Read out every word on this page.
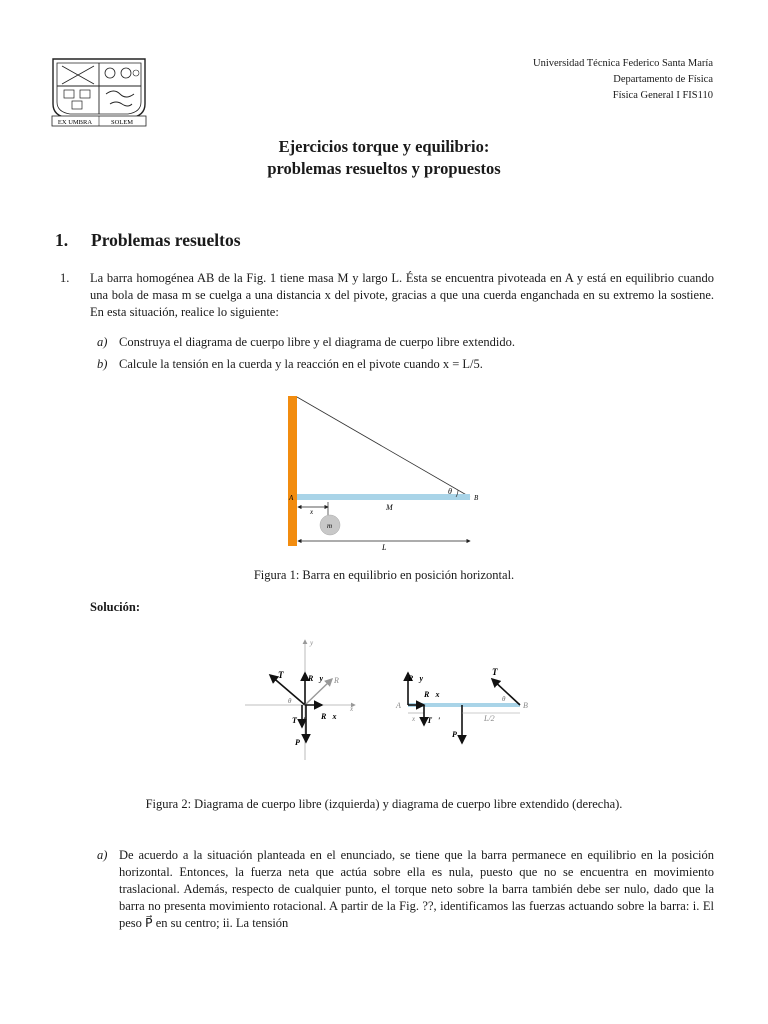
EX UMBRA	SOLEM
Universidad Técnica Federico Santa María
Departamento de Física
Física General I FIS110
Ejercicios torque y equilibrio:
problemas resueltos y propuestos
1. Problemas resueltos
1. La barra homogénea AB de la Fig. 1 tiene masa M y largo L. Ésta se encuentra pivoteada en A y está en equilibrio cuando una bola de masa m se cuelga a una distancia x del pivote, gracias a que una cuerda enganchada en su extremo la sostiene. En esta situación, realice lo siguiente:
a) Construya el diagrama de cuerpo libre y el diagrama de cuerpo libre extendido.
b) Calcule la tensión en la cuerda y la reacción en el pivote cuando x = L/5.
θ
A	B
M
x
m
L
Figura 1: Barra en equilibrio en posición horizontal.
Solución:
y
x
T⃗ R⃗y R⃗
θ
R⃗x
T⃗′
P⃗
R⃗y
R⃗x
A
x T⃗′
P⃗
L/2
B
T⃗
θ
Figura 2: Diagrama de cuerpo libre (izquierda) y diagrama de cuerpo libre extendido (derecha).
a) De acuerdo a la situación planteada en el enunciado, se tiene que la barra permanece en equilibrio en la posición horizontal. Entonces, la fuerza neta que actúa sobre ella es nula, puesto que no se encuentra en movimiento traslacional. Además, respecto de cualquier punto, el torque neto sobre la barra también debe ser nulo, dado que la barra no presenta movimiento rotacional. A partir de la Fig. ??, identificamos las fuerzas actuando sobre la barra: i. El peso P⃗ en su centro; ii. La tensión
